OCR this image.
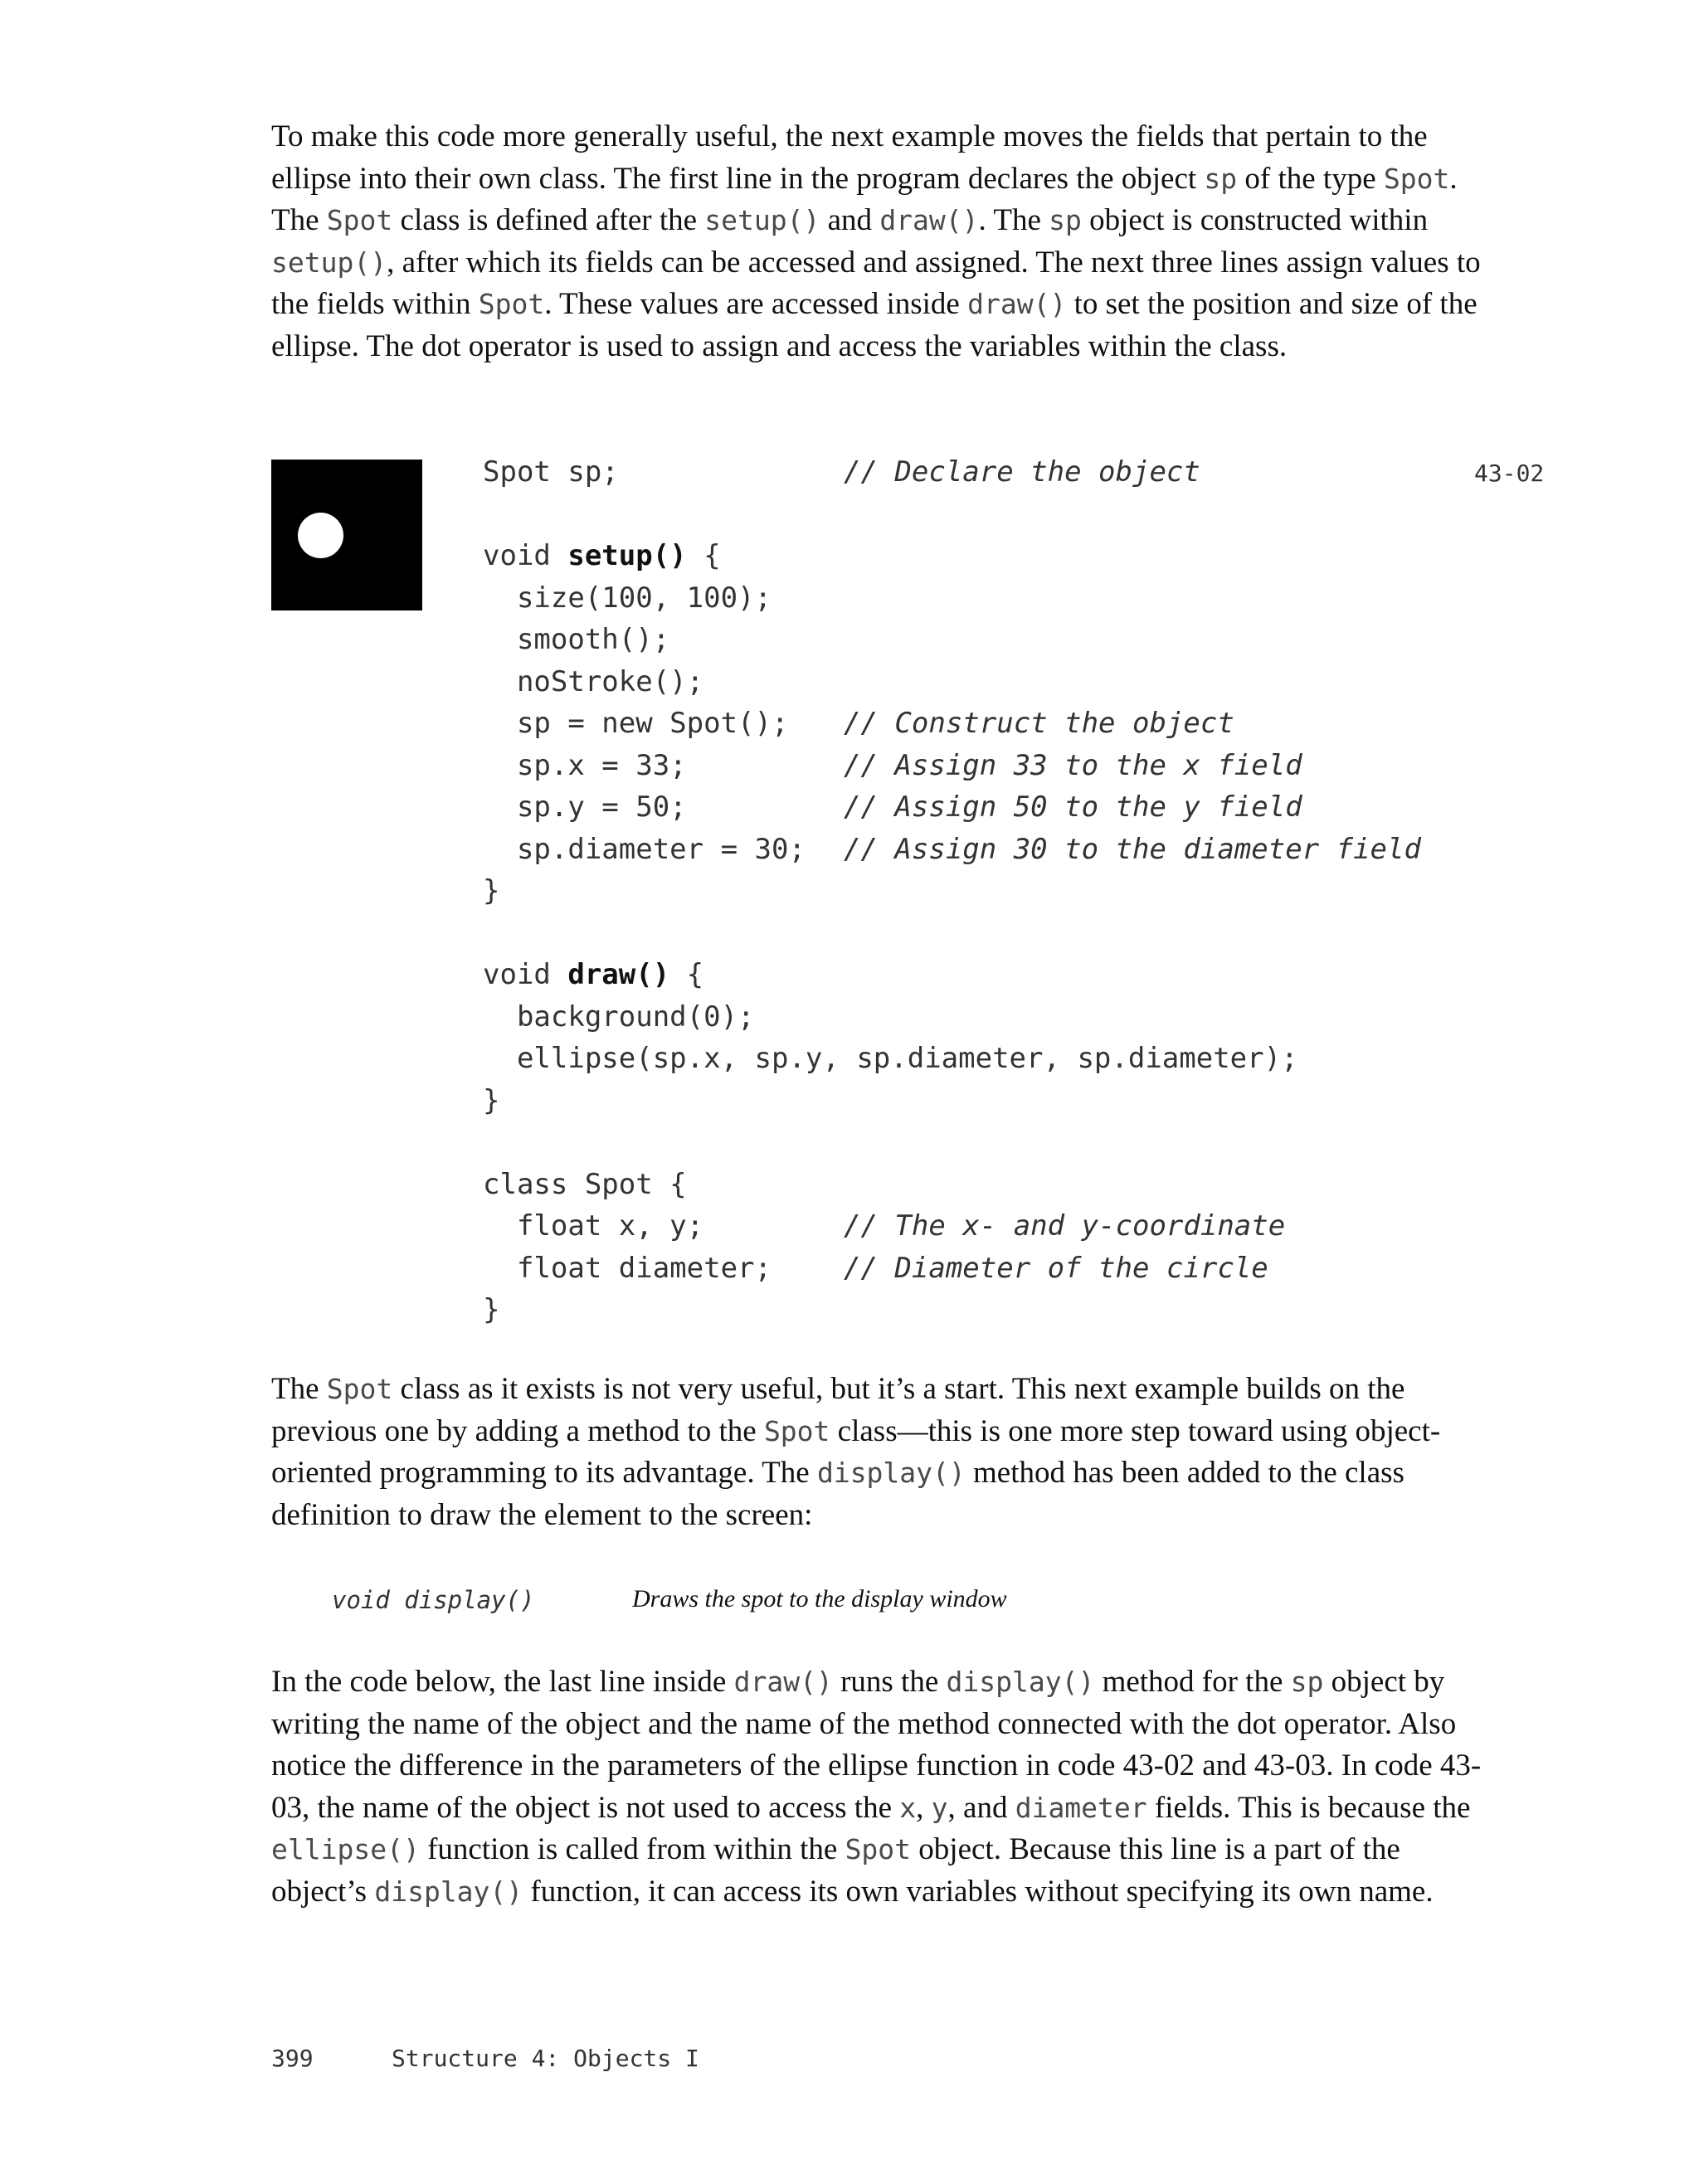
To make this code more generally useful, the next example moves the fields that pertain to the ellipse into their own class. The first line in the program declares the object sp of the type Spot. The Spot class is defined after the setup() and draw(). The sp object is constructed within setup(), after which its fields can be accessed and assigned. The next three lines assign values to the fields within Spot. These values are accessed inside draw() to set the position and size of the ellipse. The dot operator is used to assign and access the variables within the class.

Spot sp;	// Declare the object
void setup() {
size(100, 100);
smooth();
noStroke();
sp = new Spot(); // Construct the object
sp.x = 33;	// Assign 33 to the x field
sp.y = 50;	// Assign 50 to the y field
sp.diameter = 30; // Assign 30 to the diameter field
}
void draw() {
background(0);
ellipse(sp.x, sp.y, sp.diameter, sp.diameter);
}
class Spot {
float x, y;	// The x- and y-coordinate
float diameter;	// Diameter of the circle
}
43-02

The Spot class as it exists is not very useful, but it’s a start. This next example builds on the previous one by adding a method to the Spot class—this is one more step toward using object-oriented programming to its advantage. The display() method has been added to the class definition to draw the element to the screen:

void display()	Draws the spot to the display window

In the code below, the last line inside draw() runs the display() method for the sp object by writing the name of the object and the name of the method connected with the dot operator. Also notice the difference in the parameters of the ellipse function in code 43-02 and 43-03. In code 43-03, the name of the object is not used to access the x, y, and diameter fields. This is because the ellipse() function is called from within the Spot object. Because this line is a part of the object’s display() function, it can access its own variables without specifying its own name.

399	Structure 4: Objects I
